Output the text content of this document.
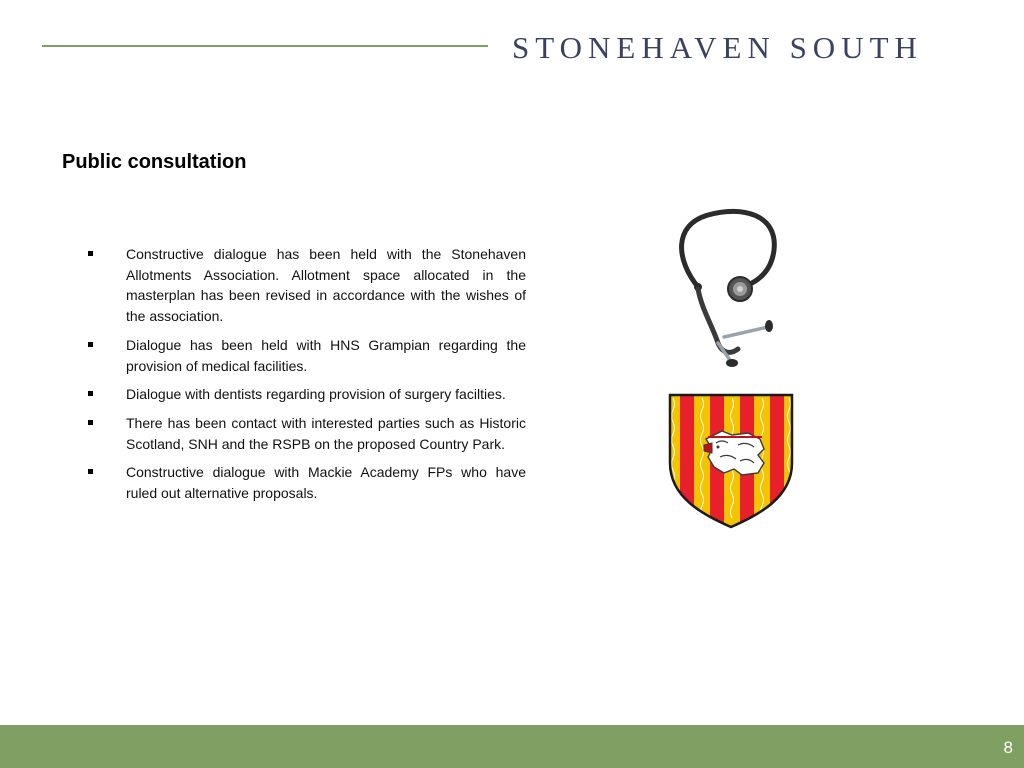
STONEHAVEN SOUTH
Public consultation
Constructive dialogue has been held with the Stonehaven Allotments Association. Allotment space allocated in the masterplan has been revised in accordance with the wishes of the association.
Dialogue has been held with HNS Grampian regarding the provision of medical facilities.
Dialogue with dentists regarding provision of surgery facilties.
There has been contact with interested parties such as Historic Scotland, SNH and the RSPB on the proposed Country Park.
Constructive dialogue with Mackie Academy FPs who have ruled out alternative proposals.
8
